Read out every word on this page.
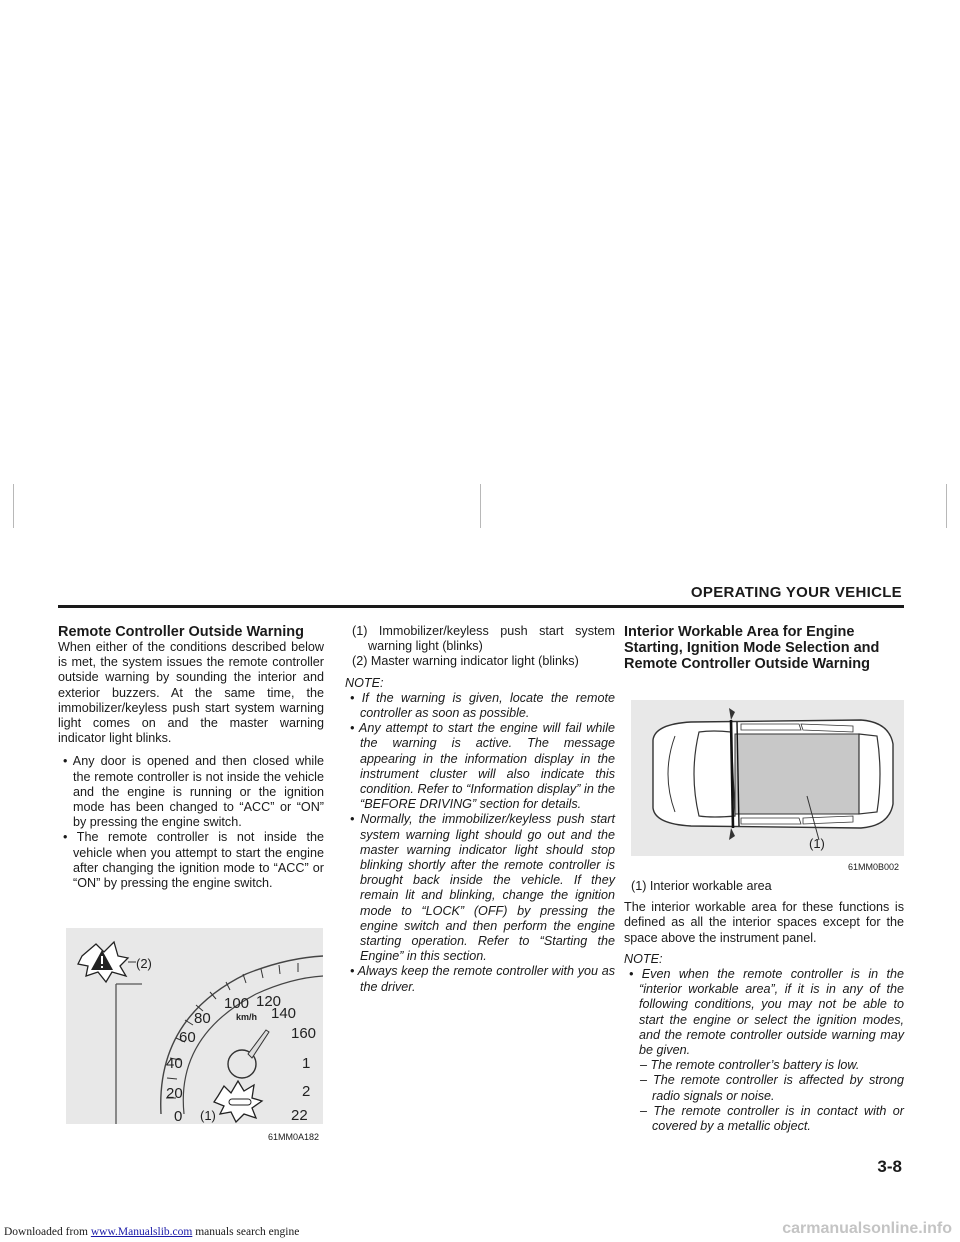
OPERATING YOUR VEHICLE
Remote Controller Outside Warning

When either of the conditions described below is met, the system issues the remote controller outside warning by sounding the interior and exterior buzzers. At the same time, the immobilizer/keyless push start system warning light comes on and the master warning indicator light blinks.

• Any door is opened and then closed while the remote controller is not inside the vehicle and the engine is running or the ignition mode has been changed to “ACC” or “ON” by pressing the engine switch.

• The remote controller is not inside the vehicle when you attempt to start the engine after changing the ignition mode to “ACC” or “ON” by pressing the engine switch.

80
100 120
140
160
60
40
20
0
1
2
22
km/h
(2)
(1)
61MM0A182

(1) Immobilizer/keyless push start system warning light (blinks)

(2) Master warning indicator light (blinks)

NOTE:

• If the warning is given, locate the remote controller as soon as possible.

• Any attempt to start the engine will fail while the warning is active. The message appearing in the information display in the instrument cluster will also indicate this condition. Refer to “Information display” in the “BEFORE DRIVING” section for details.

• Normally, the immobilizer/keyless push start system warning light should go out and the master warning indicator light should stop blinking shortly after the remote controller is brought back inside the vehicle. If they remain lit and blinking, change the ignition mode to “LOCK” (OFF) by pressing the engine switch and then perform the engine starting operation. Refer to “Starting the Engine” in this section.

• Always keep the remote controller with you as the driver.

Interior Workable Area for Engine Starting, Ignition Mode Selection and Remote Controller Outside Warning
(1)
61MM0B002

(1) Interior workable area

The interior workable area for these functions is defined as all the interior spaces except for the space above the instrument panel.

NOTE:

• Even when the remote controller is in the “interior workable area”, if it is in any of the following conditions, you may not be able to start the engine or select the ignition modes, and the remote controller outside warning may be given.

– The remote controller’s battery is low.

– The remote controller is affected by strong radio signals or noise.

– The remote controller is in contact with or covered by a metallic object.

3-8
Downloaded from www.Manualslib.com manuals search engine	carmanualsonline.info
